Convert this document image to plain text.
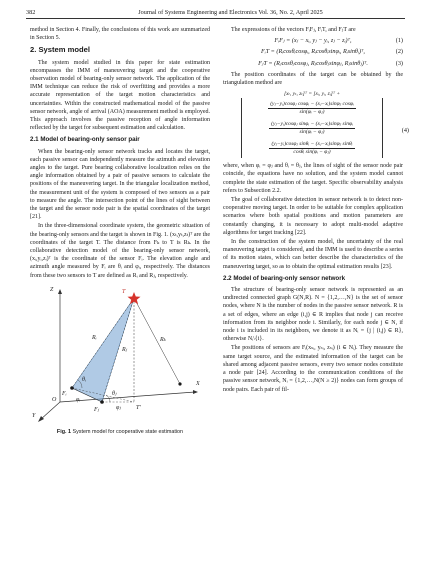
382	Journal of Systems Engineering and Electronics Vol. 36, No. 2, April 2025

method in Section 4. Finally, the conclusions of this work are summarized in Section 5.

2. System model

The system model studied in this paper for state estimation encompasses the IMM of maneuvering target and the cooperative observation model of bearing-only sensor network. The application of the IMM technique can reduce the risk of overfitting and provides a more accurate representation of the target motion characteristics and uncertainties. Within the constructed mathematical model of the passive sensor network, angle of arrival (AOA) measurement method is employed. This approach involves the passive reception of angle information reflected by the target for subsequent estimation and calculation.

2.1 Model of bearing-only sensor pair

When the bearing-only sensor network tracks and locates the target, each passive sensor can independently measure the azimuth and elevation angles to the target. Pure bearing collaborative localization relies on the angle information obtained by a pair of passive sensors to calculate the positions of the maneuvering target. In the triangular localization method, the measurement unit of the system is composed of two sensors as a pair to measure the angle. The intersection point of the lines of sight between the target and the sensor node pair is the spatial coordinates of the target [21].

In the three-dimensional coordinate system, the geometric situation of the bearing-only sensors and the target is shown in Fig. 1. (xₜ,yₜ,zₜ)ᵀ are the coordinates of the target T. The distance from Fₖ to T is Rₖ. In the collaborative detection model of the bearing-only sensor network, (xᵢ,yᵢ,zᵢ)ᵀ is the coordinate of the sensor Fᵢ. The elevation angle and azimuth angle measured by Fᵢ are θᵢ and φᵢ, respectively. The distances from these two sensors to T are defined as Rᵢ and Rⱼ, respectively.

Z
X
Y
O
T
Fᵢ
Fⱼ
Rᵢ
Rⱼ
Rₖ
θᵢ
θⱼ
φᵢ
φⱼ	T′
Fig. 1 System model for cooperative state estimation

The expressions of the vectors FᵢFⱼ, FᵢT, and FⱼT are

FᵢFⱼ = (xⱼ − xᵢ, yⱼ − yᵢ, zⱼ − zᵢ)ᵀ,	(1)
FᵢT = (Rᵢcosθᵢcosφᵢ, Rᵢcosθᵢsinφᵢ, Rᵢsinθᵢ)ᵀ,	(2)
FⱼT = (Rⱼcosθⱼcosφⱼ, Rⱼcosθⱼsinφⱼ, Rⱼsinθⱼ)ᵀ.	(3)

The position coordinates of the target can be obtained by the triangulation method are

[xₜ, yₜ, zₜ]ᵀ = [xᵢ, yᵢ, zᵢ]ᵀ +
$\frac{\text{(yⱼ−yᵢ)cosφⱼ cosφᵢ − (xⱼ−xᵢ)sinφⱼ cosφᵢ}}{\text{sin(φᵢ − φⱼ)}}$
$\frac{\text{(yⱼ−yᵢ)cosφⱼ sinφᵢ − (xⱼ−xᵢ)sinφⱼ sinφᵢ}}{\text{sin(φᵢ − φⱼ)}}$
$\frac{\text{(yⱼ−yᵢ)cosφⱼ sinθᵢ − (xⱼ−xᵢ)sinφⱼ sinθᵢ}}{\text{cosθᵢ sin(φᵢ − φⱼ)}}$
(4)

where, when φᵢ = φⱼ and θᵢ = θⱼ, the lines of sight of the sensor node pair coincide, the equations have no solution, and the system model cannot complete the state estimation of the target. Specific observability analysis refers to Subsection 2.2.

The goal of collaborative detection in sensor network is to detect non-cooperative moving target. In order to be suitable for complex application scenarios where both spatial positions and motion parameters are constantly changing, it is necessary to adopt multi-model adaptive algorithms for target tracking [22].

In the construction of the system model, the uncertainty of the real maneuvering target is considered, and the IMM is used to describe a series of its motion states, which can better describe the characteristics of the maneuvering target, so as to obtain the optimal estimation results [23].

2.2 Model of bearing-only sensor network

The structure of bearing-only sensor network is represented as an undirected connected graph G(N,R). N = {1,2,…,N} is the set of sensor nodes, where N is the number of nodes in the passive sensor network. R is a set of edges, where an edge (i,j) ∈ R implies that node j can receive information from its neighbor node i. Similarly, for each node j ∈ N, if node i is included in its neighbors, we denote it as Nᵢ = {j | (i,j) ∈ R}, otherwise Nᵢ\{i}.

The positions of sensors are Fᵢ(xₛᵢ, yₛᵢ, zₛᵢ) (i ∈ Nᵢ). They measure the same target source, and the estimated information of the target can be shared among adjacent passive sensors, every two sensor nodes constitute a node pair [24]. According to the communication conditions of the passive sensor network, Nᵢ = {1,2,…,N(N ≥ 2)} nodes can form groups of node pairs. Each pair of fil-
